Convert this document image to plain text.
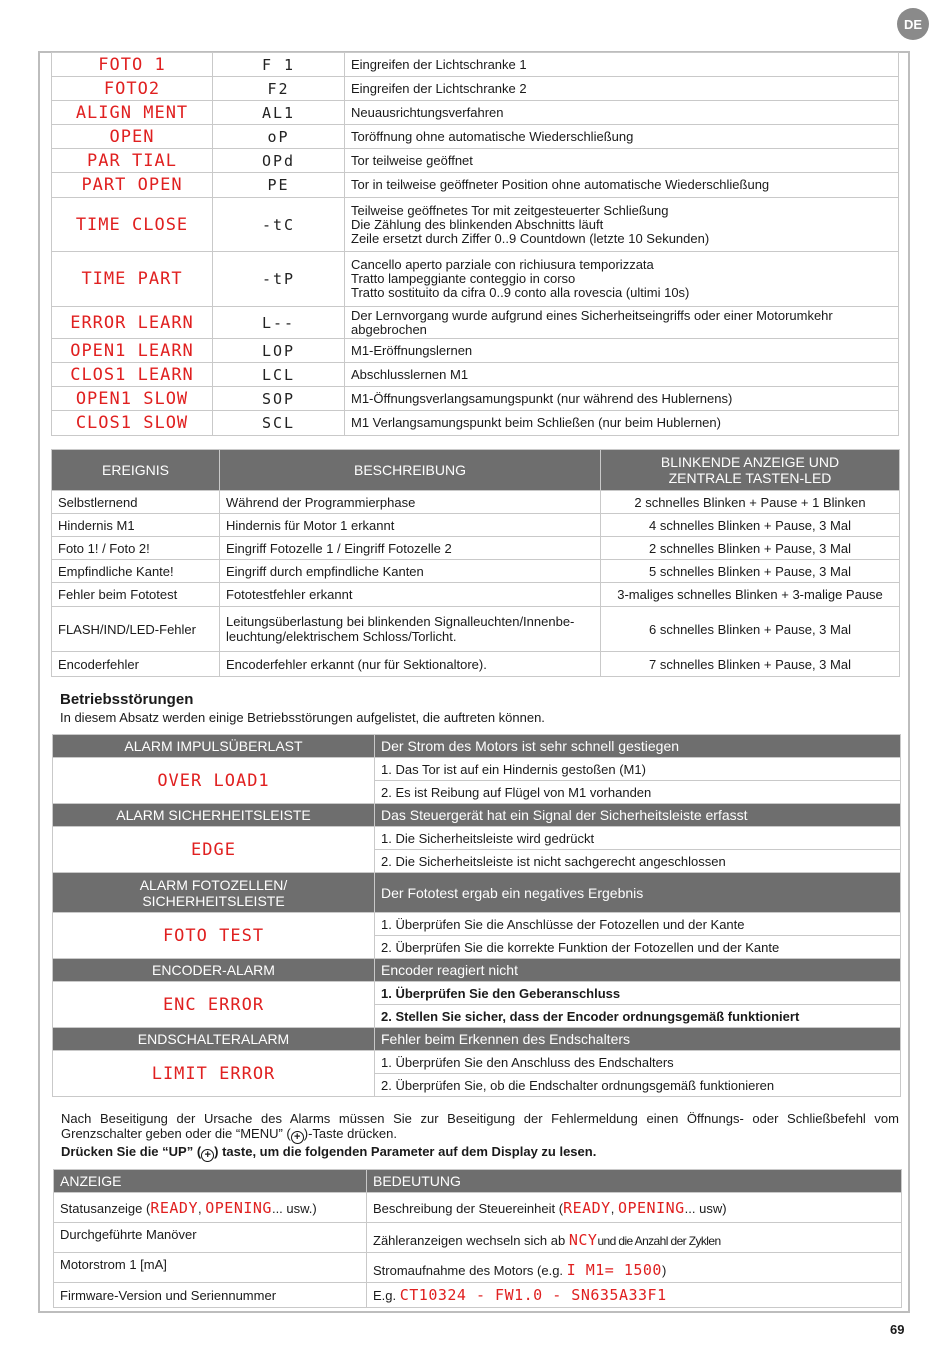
DE
FOTO 1	F 1	Eingreifen der Lichtschranke 1

FOTO2	F2	Eingreifen der Lichtschranke 2

ALIGN MENT	AL1	Neuausrichtungsverfahren

OPEN	oP	Toröffnung ohne automatische Wiederschließung

PAR TIAL	OPd	Tor teilweise geöffnet

PART OPEN	PE	Tor in teilweise geöffneter Position ohne automatische Wiederschließung

TIME CLOSE	-tC	Teilweise geöffnetes Tor mit zeitgesteuerter Schließung
Die Zählung des blinkenden Abschnitts läuft
Zeile ersetzt durch Ziffer 0..9 Countdown (letzte 10 Sekunden)

TIME PART	-tP	Cancello aperto parziale con richiusura temporizzata
Tratto lampeggiante conteggio in corso
Tratto sostituito da cifra 0..9 conto alla rovescia (ultimi 10s)

ERROR LEARN	L--	Der Lernvorgang wurde aufgrund eines Sicherheitseingriffs oder einer Motorumkehr
abgebrochen

OPEN1 LEARN	LOP	M1-Eröffnungslernen

CLOS1 LEARN	LCL	Abschlusslernen M1

OPEN1 SLOW	SOP	M1-Öffnungsverlangsamungspunkt (nur während des Hublernens)

CLOS1 SLOW	SCL	M1 Verlangsamungspunkt beim Schließen (nur beim Hublernen)
EREIGNIS	BESCHREIBUNG	BLINKENDE ANZEIGE UND
ZENTRALE TASTEN-LED
Selbstlernend	Während der Programmierphase	2 schnelles Blinken + Pause + 1 Blinken
Hindernis M1	Hindernis für Motor 1 erkannt	4 schnelles Blinken + Pause, 3 Mal
Foto 1! / Foto 2!	Eingriff Fotozelle 1 / Eingriff Fotozelle 2	2 schnelles Blinken + Pause, 3 Mal
Empfindliche Kante!	Eingriff durch empfindliche Kanten	5 schnelles Blinken + Pause, 3 Mal
Fehler beim Fototest	Fototestfehler erkannt	3-maliges schnelles Blinken + 3-malige Pause
FLASH/IND/LED-Fehler	Leitungsüberlastung bei blinkenden Signalleuchten/Innenbe-
leuchtung/elektrischem Schloss/Torlicht.	6 schnelles Blinken + Pause, 3 Mal
Encoderfehler	Encoderfehler erkannt (nur für Sektionaltore).	7 schnelles Blinken + Pause, 3 Mal
Betriebsstörungen
In diesem Absatz werden einige Betriebsstörungen aufgelistet, die auftreten können.
ALARM IMPULSÜBERLAST	Der Strom des Motors ist sehr schnell gestiegen
OVER LOAD1	1. Das Tor ist auf ein Hindernis gestoßen (M1)
	2. Es ist Reibung auf Flügel von M1 vorhanden

ALARM SICHERHEITSLEISTE	Das Steuergerät hat ein Signal der Sicherheitsleiste erfasst
EDGE	1. Die Sicherheitsleiste wird gedrückt
	2. Die Sicherheitsleiste ist nicht sachgerecht angeschlossen

ALARM FOTOZELLEN/
SICHERHEITSLEISTE	Der Fototest ergab ein negatives Ergebnis
FOTO TEST	1. Überprüfen Sie die Anschlüsse der Fotozellen und der Kante
	2. Überprüfen Sie die korrekte Funktion der Fotozellen und der Kante

ENCODER-ALARM	Encoder reagiert nicht
ENC ERROR	1. Überprüfen Sie den Geberanschluss
	2. Stellen Sie sicher, dass der Encoder ordnungsgemäß funktioniert

ENDSCHALTERALARM	Fehler beim Erkennen des Endschalters
LIMIT ERROR	1. Überprüfen Sie den Anschluss des Endschalters
	2. Überprüfen Sie, ob die Endschalter ordnungsgemäß funktionieren
Nach Beseitigung der Ursache des Alarms müssen Sie zur Beseitigung der Fehlermeldung einen Öffnungs- oder Schließbefehl vom
Grenzschalter geben oder die “MENU” ( + )-Taste drücken.
Drücken Sie die “UP” ( + ) taste, um die folgenden Parameter auf dem Display zu lesen.
ANZEIGE	BEDEUTUNG
Statusanzeige (READY, OPENING... usw.)	Beschreibung der Steuereinheit (READY, OPENING... usw)
Durchgeführte Manöver	Zähleranzeigen wechseln sich ab NCYund die Anzahl der Zyklen
Motorstrom 1 [mA]	Stromaufnahme des Motors (e.g. I M1= 1500)
Firmware-Version und Seriennummer	E.g. CT10324 - FW1.0 - SN635A33F1
69
